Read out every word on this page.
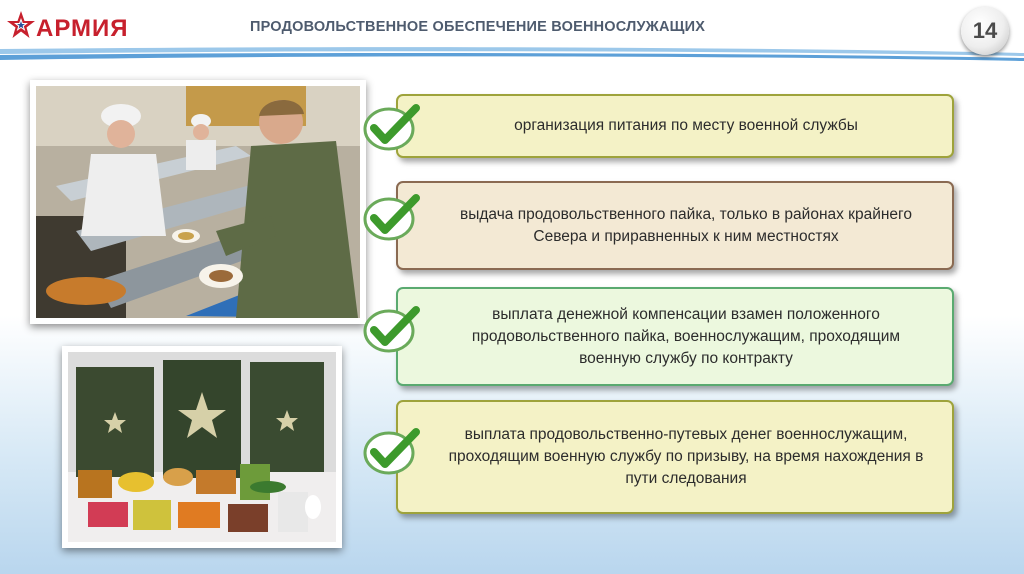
АРМИЯ	ПРОДОВОЛЬСТВЕННОЕ ОБЕСПЕЧЕНИЕ ВОЕННОСЛУЖАЩИХ	14
организация питания по месту военной службы
выдача продовольственного пайка, только в районах крайнего Севера и приравненных к ним местностях
выплата денежной компенсации взамен положенного продовольственного пайка, военнослужащим, проходящим военную службу по контракту
выплата продовольственно-путевых денег военнослужащим, проходящим военную службу по призыву, на время нахождения в пути следования
